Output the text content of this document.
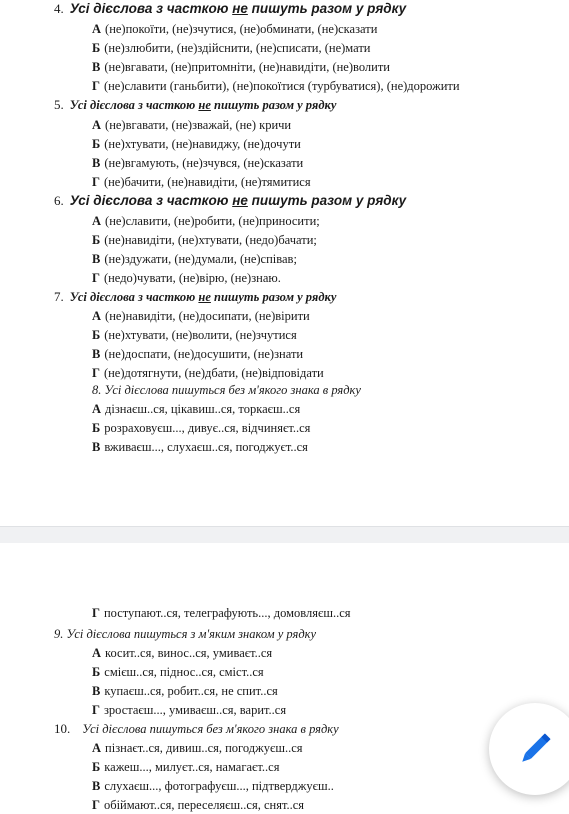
4. Усі дієслова з часткою не пишуть разом у рядку
А (не)покоїти, (не)зчутися, (не)обминати, (не)сказати
Б (не)злюбити, (не)здійснити, (не)списати, (не)мати
В (не)вгавати, (не)притомніти, (не)навидіти, (не)волити
Г (не)славити (ганьбити), (не)покоїтися (турбуватися), (не)дорожити
5. Усі дієслова з часткою не пишуть разом у рядку
А (не)вгавати, (не)зважай, (не) кричи
Б (не)хтувати, (не)навиджу, (не)дочути
В (не)вгамують, (не)зчувся, (не)сказати
Г (не)бачити, (не)навидіти, (не)тямитися
6. Усі дієслова з часткою не пишуть разом у рядку
А (не)славити, (не)робити, (не)приносити;
Б (не)навидіти, (не)хтувати, (недо)бачати;
В (не)здужати, (не)думали, (не)співав;
Г (недо)чувати, (не)вірю, (не)знаю.
7. Усі дієслова з часткою не пишуть разом у рядку
А (не)навидіти, (не)досипати, (не)вірити
Б (не)хтувати, (не)волити, (не)зчутися
В (не)доспати, (не)досушити, (не)знати
Г (не)дотягнути, (не)дбати, (не)відповідати
8. Усі дієслова пишуться без м'якого знака в рядку
А дізнаєш..ся, цікавиш..ся, торкаєш..ся
Б розраховуєш..., дивує..ся, відчиняєт..ся
В вживаєш..., слухаєш..ся, погоджуєт..ся
Г поступают..ся, телеграфують..., домовляєш..ся
9. Усі дієслова пишуться з м'яким знаком у рядку
А косит..ся, винос..ся, умиваєт..ся
Б смієш..ся, піднос..ся, сміст..ся
В купаєш..ся, робит..ся, не спит..ся
Г зростаєш..., умиваєш..ся, варит..ся
10. Усі дієслова пишуться без м'якого знака в рядку
А пізнаєт..ся, дивиш..ся, погоджуєш..ся
Б кажеш..., милуєт..ся, намагаєт..ся
В слухаєш..., фотографуєш..., підтверджуєш..
Г обіймают..ся, переселяєш..ся, снят..ся
